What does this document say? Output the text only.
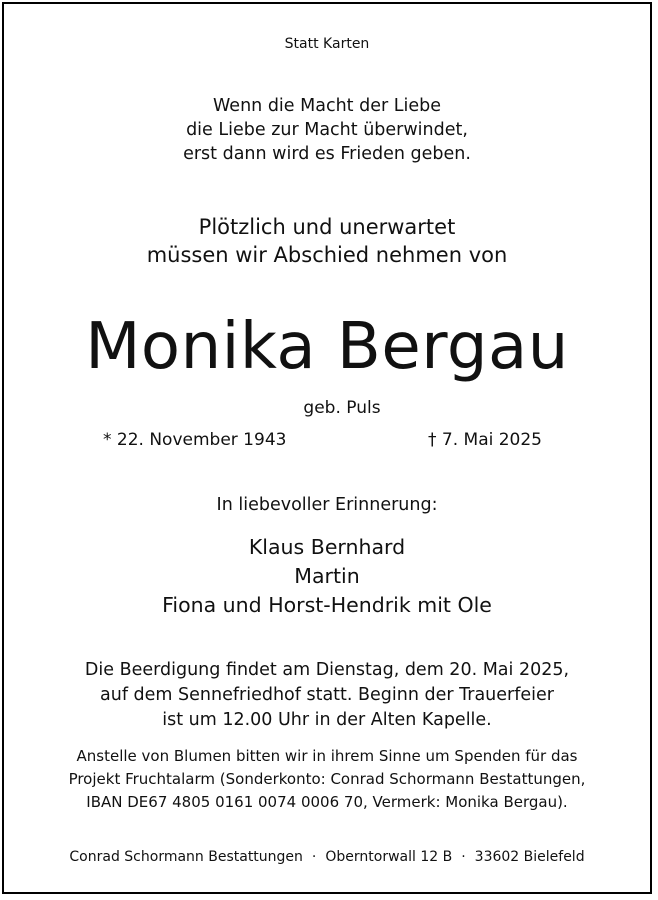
Statt Karten
Wenn die Macht der Liebe
die Liebe zur Macht überwindet,
erst dann wird es Frieden geben.
Plötzlich und unerwartet
müssen wir Abschied nehmen von
Monika Bergau
geb. Puls
* 22. November 1943	† 7. Mai 2025
In liebevoller Erinnerung:
Klaus Bernhard
Martin
Fiona und Horst-Hendrik mit Ole
Die Beerdigung findet am Dienstag, dem 20. Mai 2025,
auf dem Sennefriedhof statt. Beginn der Trauerfeier
ist um 12.00 Uhr in der Alten Kapelle.
Anstelle von Blumen bitten wir in ihrem Sinne um Spenden für das
Projekt Fruchtalarm (Sonderkonto: Conrad Schormann Bestattungen,
IBAN DE67 4805 0161 0074 0006 70, Vermerk: Monika Bergau).
Conrad Schormann Bestattungen · Oberntorwall 12 B · 33602 Bielefeld
